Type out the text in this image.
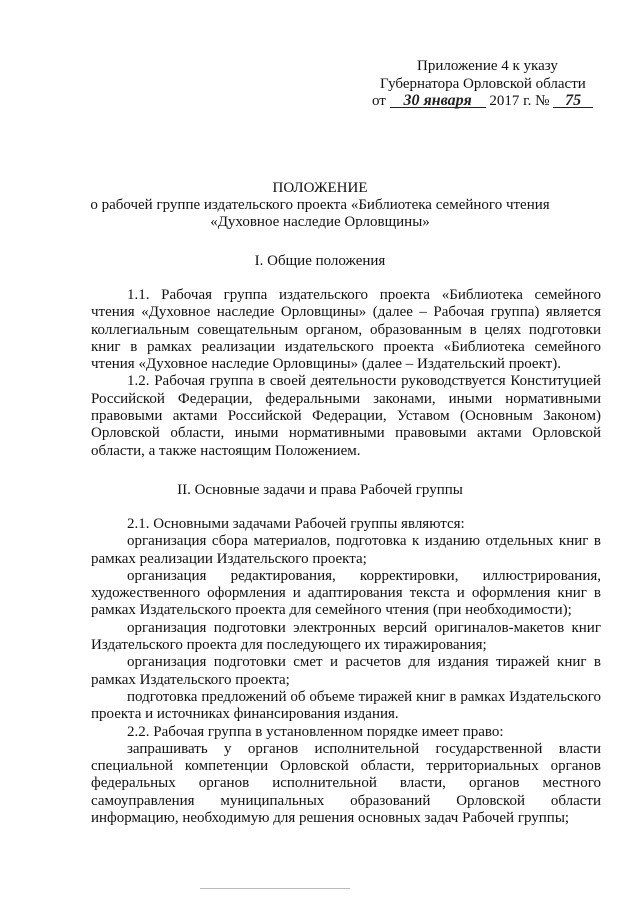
Приложение 4 к указу
Губернатора Орловской области
от 30 января 2017 г. № 75
ПОЛОЖЕНИЕ
о рабочей группе издательского проекта «Библиотека семейного чтения
«Духовное наследие Орловщины»
I. Общие положения

1.1. Рабочая группа издательского проекта «Библиотека семейного чтения «Духовное наследие Орловщины» (далее – Рабочая группа) является коллегиальным совещательным органом, образованным в целях подготовки книг в рамках реализации издательского проекта «Библиотека семейного чтения «Духовное наследие Орловщины» (далее – Издательский проект).

1.2. Рабочая группа в своей деятельности руководствуется Конституцией Российской Федерации, федеральными законами, иными нормативными правовыми актами Российской Федерации, Уставом (Основным Законом) Орловской области, иными нормативными правовыми актами Орловской области, а также настоящим Положением.

II. Основные задачи и права Рабочей группы

2.1. Основными задачами Рабочей группы являются:

организация сбора материалов, подготовка к изданию отдельных книг в рамках реализации Издательского проекта;

организация редактирования, корректировки, иллюстрирования, художественного оформления и адаптирования текста и оформления книг в рамках Издательского проекта для семейного чтения (при необходимости);

организация подготовки электронных версий оригиналов-макетов книг Издательского проекта для последующего их тиражирования;

организация подготовки смет и расчетов для издания тиражей книг в рамках Издательского проекта;

подготовка предложений об объеме тиражей книг в рамках Издательского проекта и источниках финансирования издания.

2.2. Рабочая группа в установленном порядке имеет право:

запрашивать у органов исполнительной государственной власти специальной компетенции Орловской области, территориальных органов федеральных органов исполнительной власти, органов местного самоуправления муниципальных образований Орловской области информацию, необходимую для решения основных задач Рабочей группы;
